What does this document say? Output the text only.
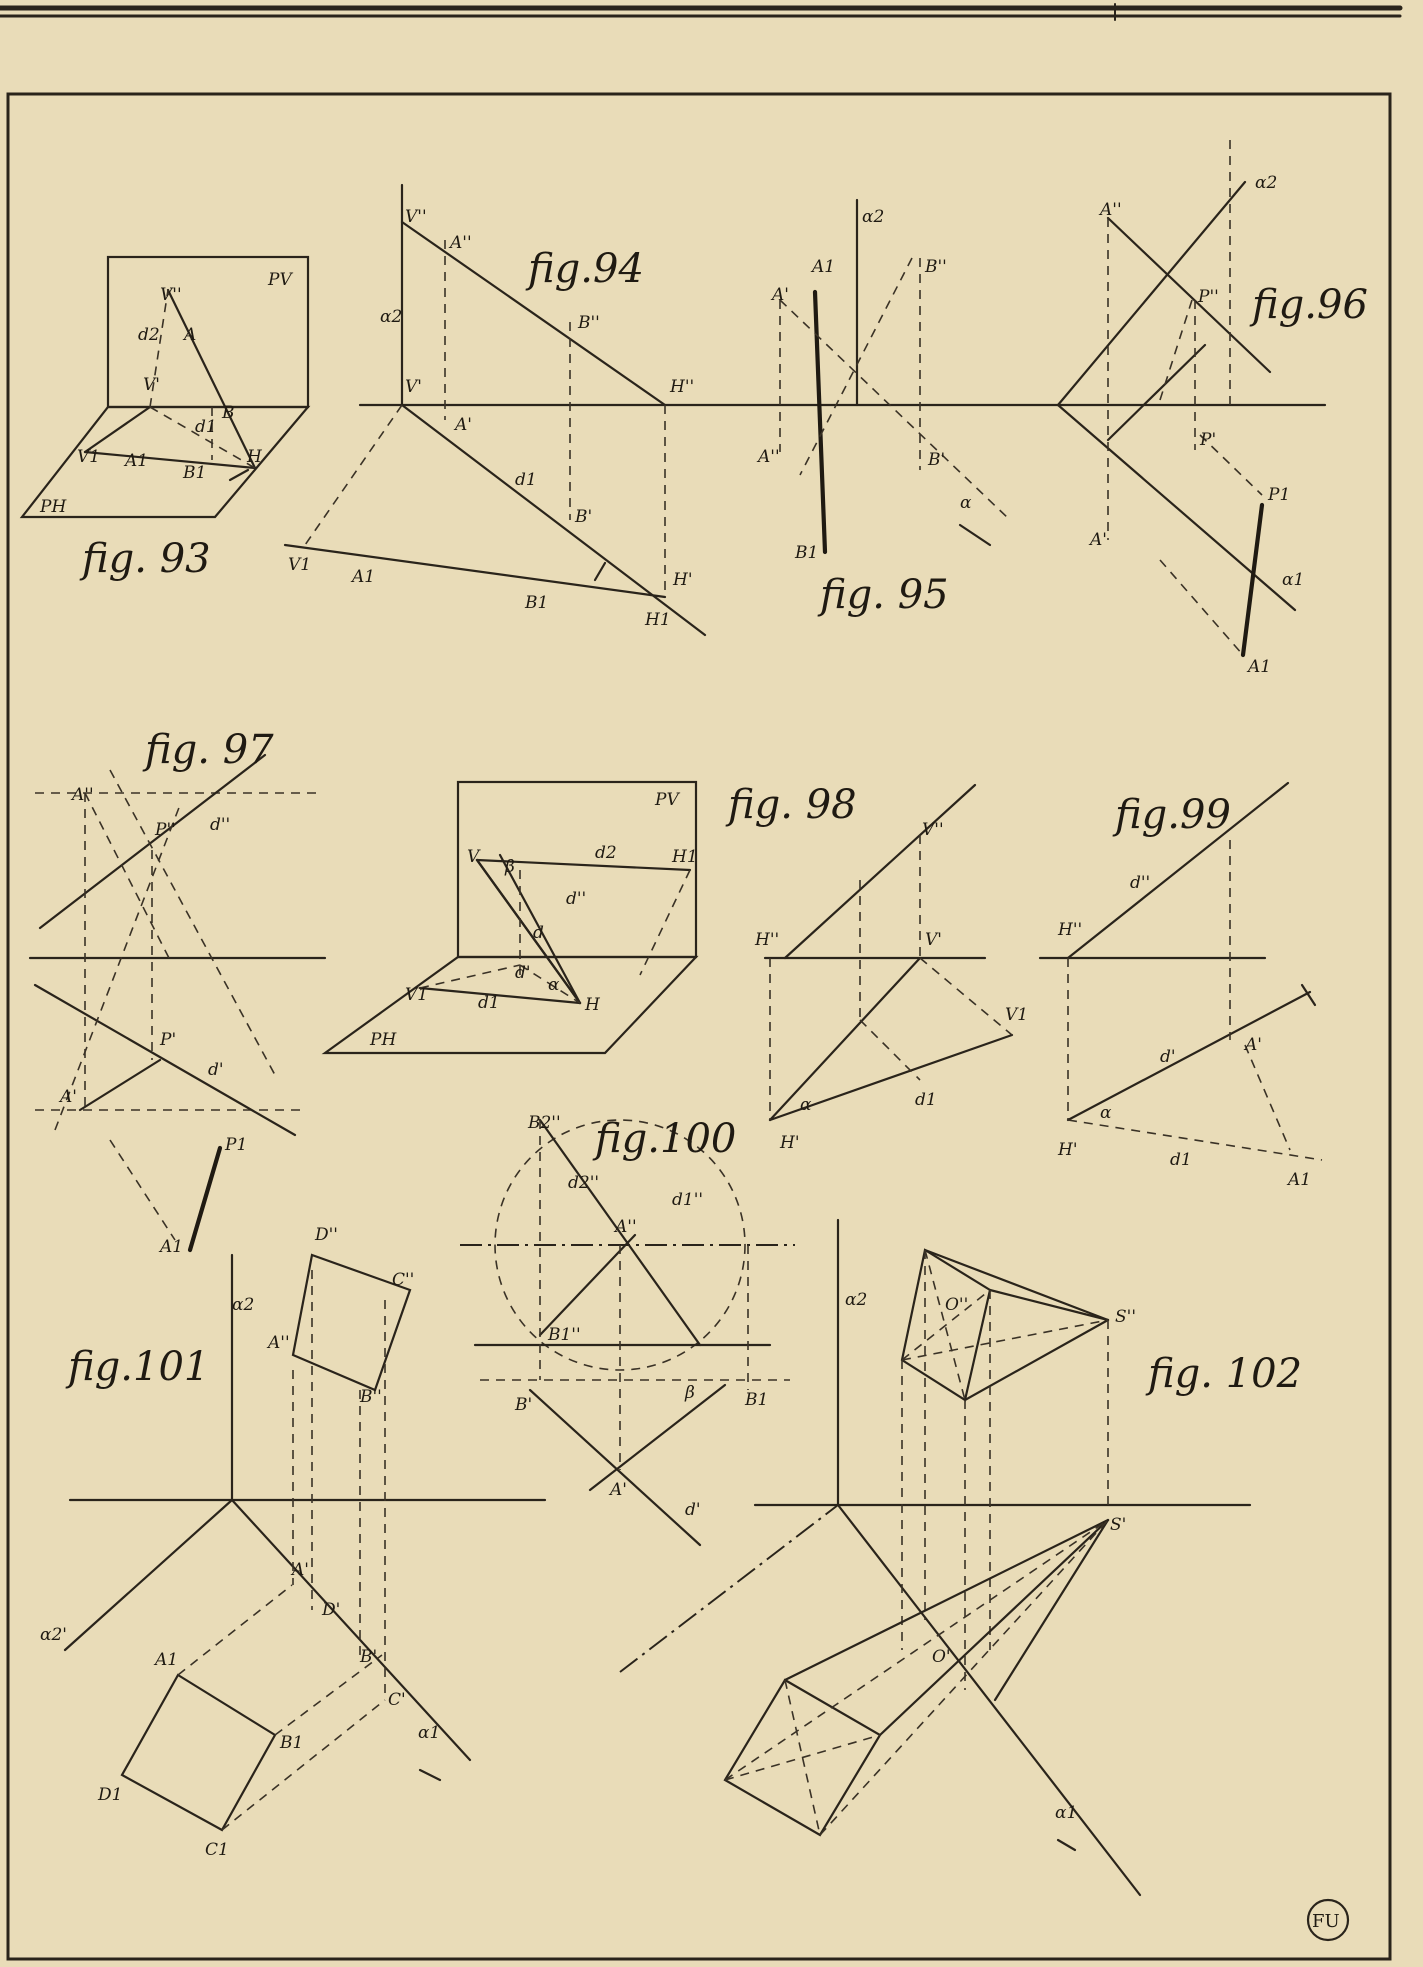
PV
PH
V''
d2 A
V'
B
V1 A1
d1
B1
H
fig. 93
V''
A''
α2	B''
V'	H''
A'
d1
B'
V1
A1
B1
H1
H'
fig.94
α2
A1	B''
A'
A''	B'
α
B1
fig. 95
α2
A''
P''
P'
P1
A'
α1
A1
fig.96
A''
P'' d''
P'
d'
A'
P1
A1
fig. 97
PV
V β
d2	H1
d''
d
α
d'
V1	d1	H
PH
V''
H''	V'
d1
V1
α
H'
fig. 98
d''
H''
d'
A'
α
H'	d1
A1
fig.99
B2''
d2''
d1''
A''
B1''
B'
β	B1
A'
d'
fig.100
D''
C''
α2
A''
B''
α2'
A'
D'
B'
C'
A1
B1
D1
C1
α1
fig.101
α2	O''
S''
S'
O'
α1
fig. 102
FU
